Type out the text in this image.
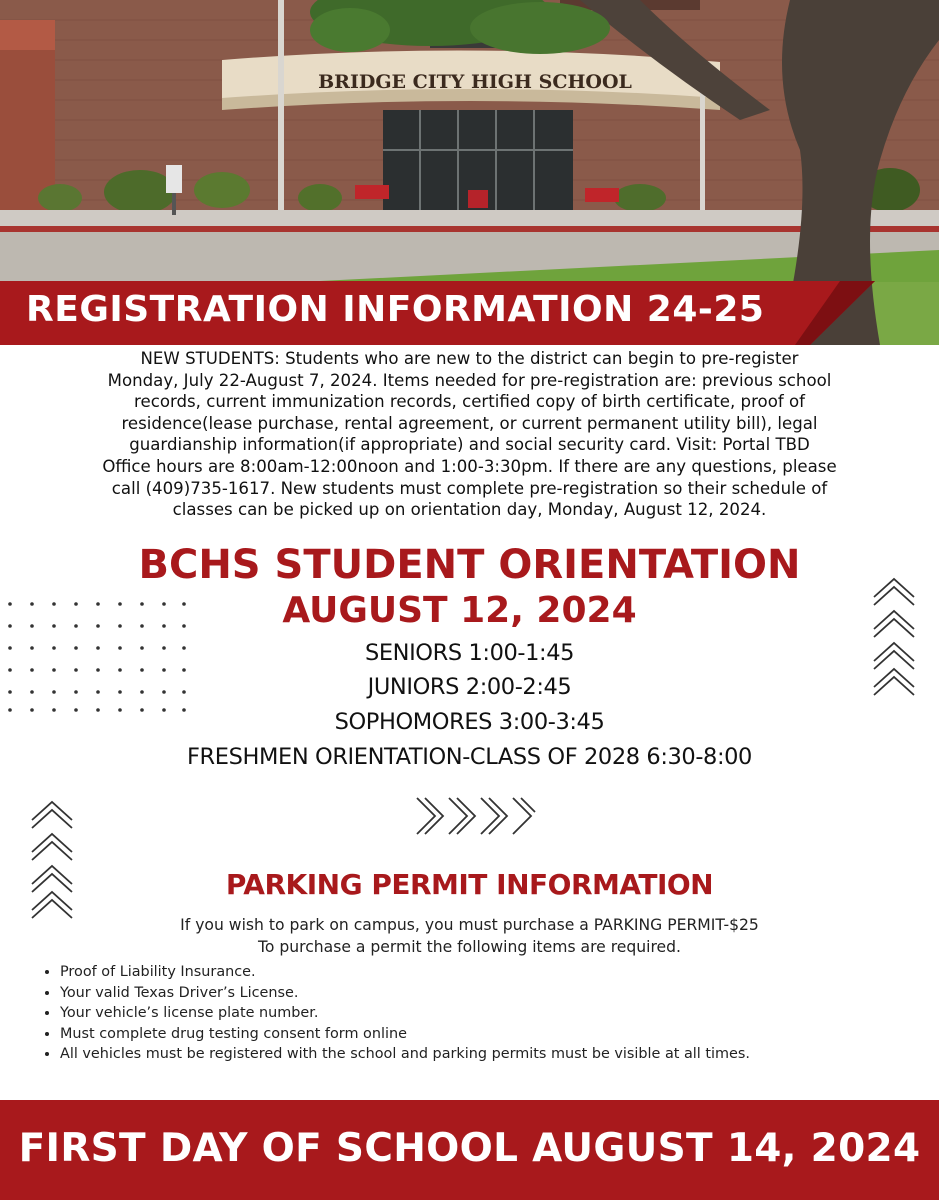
BRIDGE CITY HIGH SCHOOL
REGISTRATION INFORMATION 24-25
NEW STUDENTS: Students who are new to the district can begin to pre-register
Monday, July 22-August 7, 2024. Items needed for pre-registration are: previous school
records, current immunization records, certified copy of birth certificate, proof of
residence(lease purchase, rental agreement, or current permanent utility bill), legal
guardianship information(if appropriate) and social security card. Visit: Portal TBD
Office hours are 8:00am-12:00noon and 1:00-3:30pm. If there are any questions, please
call (409)735-1617. New students must complete pre-registration so their schedule of
classes can be picked up on orientation day, Monday, August 12, 2024.
BCHS STUDENT ORIENTATION
AUGUST 12, 2024
SENIORS 1:00-1:45
JUNIORS 2:00-2:45
SOPHOMORES 3:00-3:45
FRESHMEN ORIENTATION-CLASS OF 2028 6:30-8:00
PARKING PERMIT INFORMATION
If you wish to park on campus, you must purchase a PARKING PERMIT-$25
To purchase a permit the following items are required.
• Proof of Liability Insurance.
• Your valid Texas Driver’s License.
• Your vehicle’s license plate number.
• Must complete drug testing consent form online
• All vehicles must be registered with the school and parking permits must be visible at all times.
FIRST DAY OF SCHOOL AUGUST 14, 2024
